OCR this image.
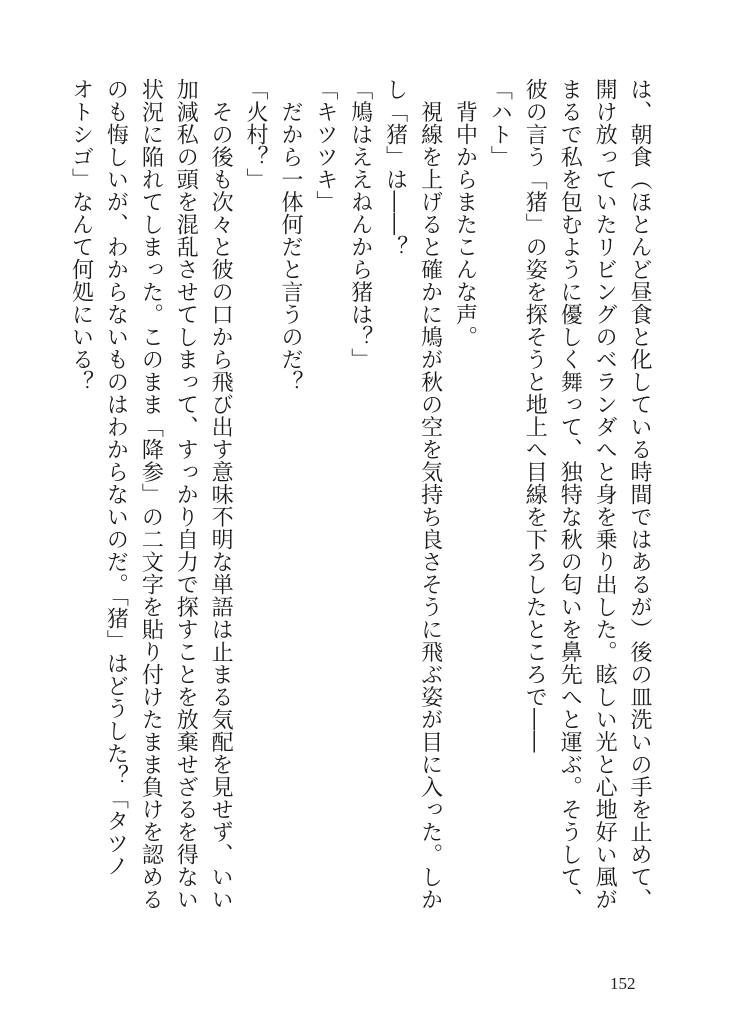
は、朝食（ほとんど昼食と化している時間ではあるが）後の皿洗いの手を止めて、
開け放っていたリビングのベランダへと身を乗り出した。眩しい光と心地好い風が
まるで私を包むように優しく舞って、独特な秋の匂いを鼻先へと運ぶ。そうして、
彼の言う「猪」の姿を探そうと地上へ目線を下ろしたところで――
「ハト」
　背中からまたこんな声。
　視線を上げると確かに鳩が秋の空を気持ち良さそうに飛ぶ姿が目に入った。しか
し「猪」は――？
「鳩はええねんから猪は？」
「キツツキ」
　だから一体何だと言うのだ？
「火村？」
　その後も次々と彼の口から飛び出す意味不明な単語は止まる気配を見せず、いい
加減私の頭を混乱させてしまって、すっかり自力で探すことを放棄せざるを得ない
状況に陥れてしまった。このまま「降参」の二文字を貼り付けたまま負けを認める
のも悔しいが、わからないものはわからないのだ。「猪」はどうした？「タツノ
オトシゴ」なんて何処にいる？
152
